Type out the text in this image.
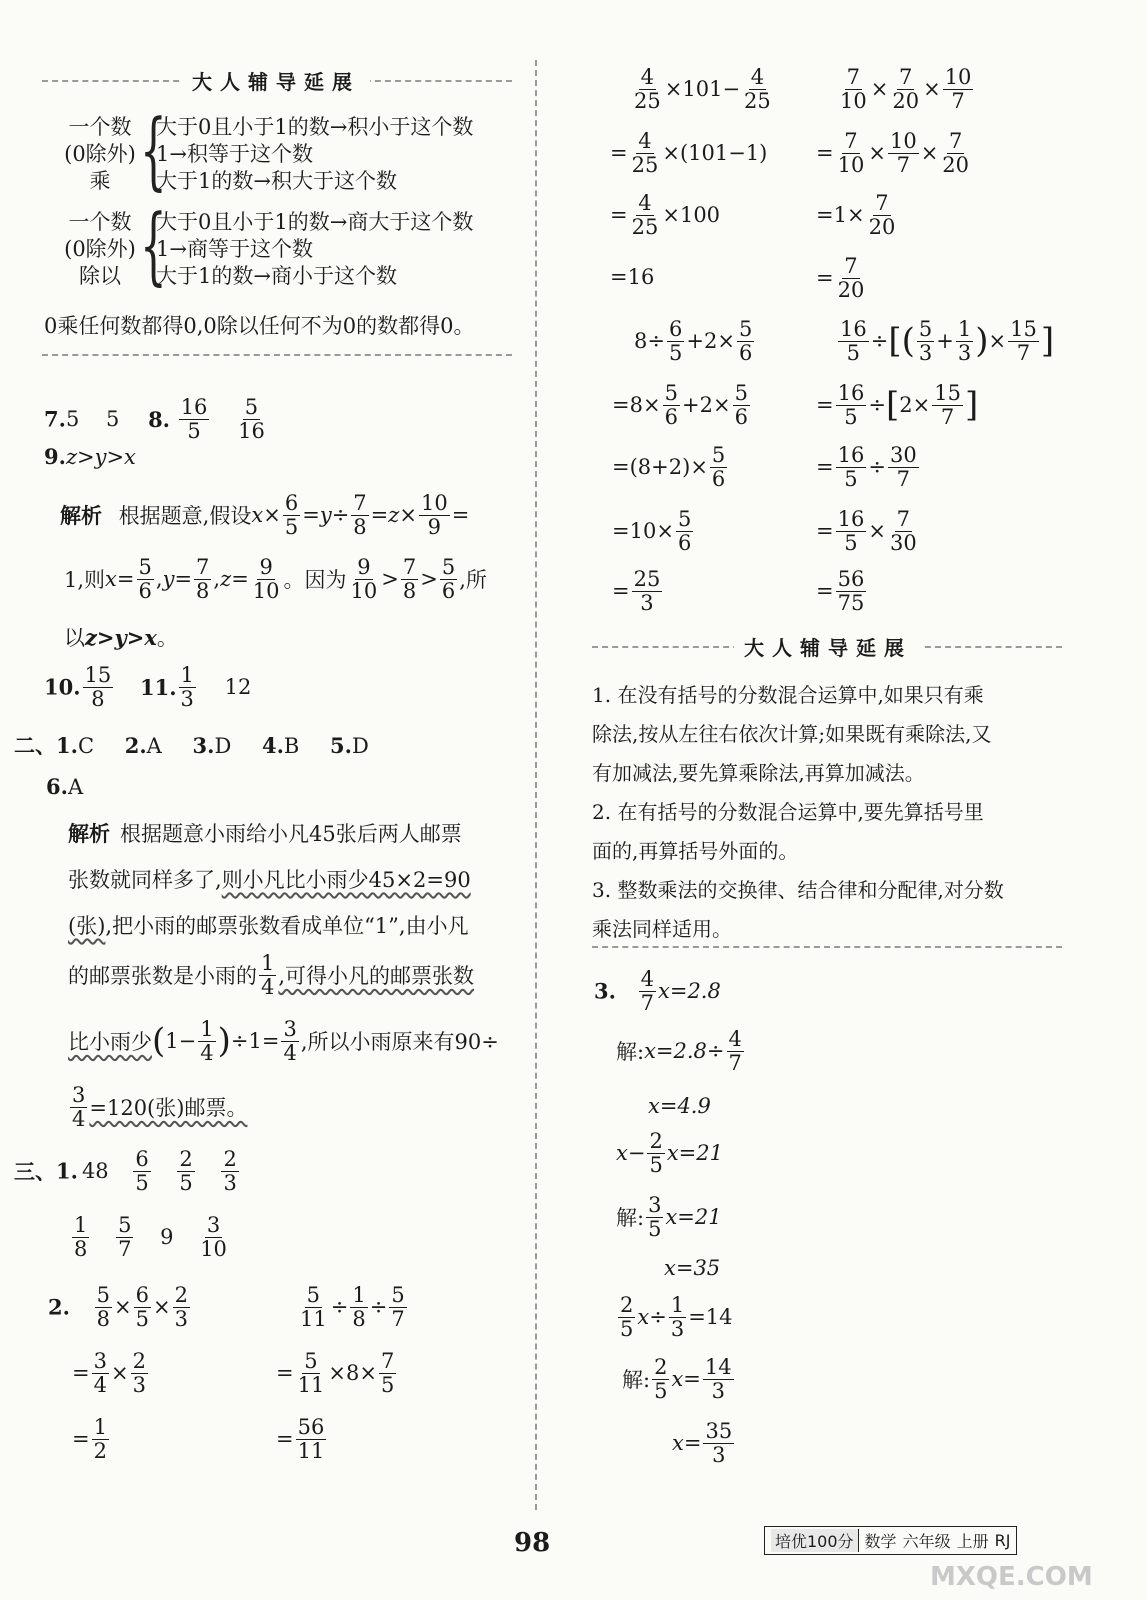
大人辅导延展
一个数
(0除外)
乘 {
大于0且小于1的数→积小于这个数
1→积等于这个数
大于1的数→积大于这个数
一个数
(0除外)
除以 {
大于0且小于1的数→商大于这个数
1→商等于这个数
大于1的数→商小于这个数
0乘任何数都得0,0除以任何不为0的数都得0。
7.5 5 8. $\frac{16}{5}$
$\frac{5}{16}$
9.z>y>x
解析 根据题意,假设$x\times \frac{6}{5} =y\div \frac{7}{8} =z\times \frac{10}{9}$ =
1,则$x= \frac{5}{6} ,y= \frac{7}{8} ,z= \frac{9}{10}$ 。因为 $\frac{9}{10} > \frac{7}{8} > \frac{5}{6}$ ,所
以z>y>x。
10. $\frac{15}{8} 11$. $\frac{1}{3} 12$
二、1.C 2.A 3.D 4.B 5.D
6.A
解析 根据题意小雨给小凡45张后两人邮票
张数就同样多了,则小凡比小雨少45×2=90
(张),把小雨的邮票张数看成单位“1”,由小凡
的邮票张数是小雨的 $\frac{1}{4}$ ,可得小凡的邮票张数
比小雨少$(1- \frac{1}{4} )\div 1= \frac{3}{4}$ ,所以小雨原来有90÷
$\frac{3}{4} =120$(张)邮票。
三、1. $48 \frac{6}{5}$
$\frac{2}{5}$
$\frac{2}{3}$
$\frac{1}{8}$
$\frac{5}{7} 9 \frac{3}{10}$
2. $\frac{5}{8} \times \frac{6}{5} \times \frac{2}{3}$
= $\frac{3}{4} \times \frac{2}{3}$
= $\frac{1}{2}$
$\frac{5}{11} \div \frac{1}{8} \div \frac{5}{7}$
= $\frac{5}{11} \times 8\times \frac{7}{5}$
= $\frac{56}{11}$
$\frac{4}{25} \times 101- \frac{4}{25}$
= $\frac{4}{25} \times(101-1)$
= $\frac{4}{25} \times 100$
=16
$\frac{7}{10} \times \frac{7}{20} \times \frac{10}{7}$
= $\frac{7}{10} \times \frac{10}{7} \times \frac{7}{20}$
$=1\times \frac{7}{20}$
= $\frac{7}{20}$
$8\div \frac{6}{5} +2\times \frac{5}{6}$
$=8\times \frac{5}{6} +2\times \frac{5}{6}$
$=(8+2)\times \frac{5}{6}$
$=10\times \frac{5}{6}$
= $\frac{25}{3}$
$\frac{16}{5}$ ÷[( $\frac{5}{3} + \frac{1}{3}$ )× $\frac{15}{7}$ ]
= $\frac{16}{5} \div[2\times \frac{15}{7}$ ]
= $\frac{16}{5} \div \frac{30}{7}$
= $\frac{16}{5} \times \frac{7}{30}$
= $\frac{56}{75}$
大人辅导延展
1. 在没有括号的分数混合运算中,如果只有乘
除法,按从左往右依次计算;如果既有乘除法,又
有加减法,要先算乘除法,再算加减法。
2. 在有括号的分数混合运算中,要先算括号里
面的,再算括号外面的。
3. 整数乘法的交换律、结合律和分配律,对分数
乘法同样适用。
3. $\frac{4}{7} x=2.8$
解:x=2.8÷ $\frac{4}{7}$
x=4.9
$x- \frac{2}{5} x=21$
解: $\frac{3}{5} x=21$
x=35
$\frac{2}{5} x\div \frac{1}{3} =14$
解: $\frac{2}{5} x= \frac{14}{3}$
$x= \frac{35}{3}$
98	培优100分 数学 六年级 上册 RJ
MXQE.COM
